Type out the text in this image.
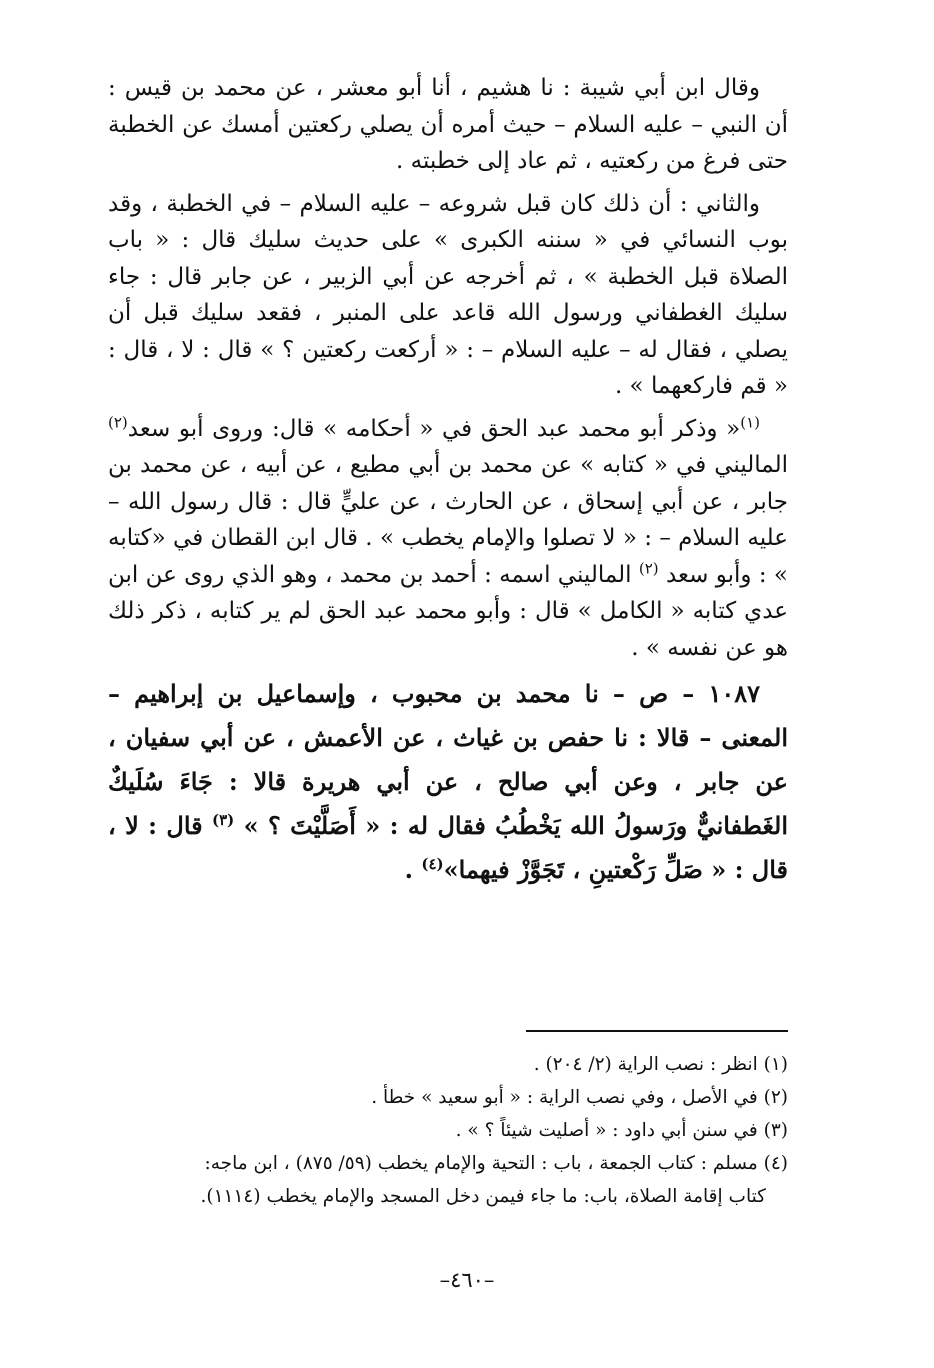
وقال ابن أبي شيبة : نا هشيم ، أنا أبو معشر ، عن محمد بن قيس : أن النبي – عليه السلام – حيث أمره أن يصلي ركعتين أمسك عن الخطبة حتى فرغ من ركعتيه ، ثم عاد إلى خطبته .

والثاني : أن ذلك كان قبل شروعه – عليه السلام – في الخطبة ، وقد بوب النسائي في « سننه الكبرى » على حديث سليك قال : « باب الصلاة قبل الخطبة » ، ثم أخرجه عن أبي الزبير ، عن جابر قال : جاء سليك الغطفاني ورسول الله قاعد على المنبر ، فقعد سليك قبل أن يصلي ، فقال له – عليه السلام – : « أركعت ركعتين ؟ » قال : لا ، قال : « قم فاركعهما » .

$^{(١)}$« وذكر أبو محمد عبد الحق في « أحكامه » قال: وروى أبو سعد$^{(٢)}$ الماليني في « كتابه » عن محمد بن أبي مطيع ، عن أبيه ، عن محمد بن جابر ، عن أبي إسحاق ، عن الحارث ، عن عليٍّ قال : قال رسول الله – عليه السلام – : « لا تصلوا والإمام يخطب » . قال ابن القطان في «كتابه » : وأبو سعد $^{(٢)}$ الماليني اسمه : أحمد بن محمد ، وهو الذي روى عن ابن عدي كتابه « الكامل » قال : وأبو محمد عبد الحق لم ير كتابه ، ذكر ذلك هو عن نفسه » .

١٠٨٧ – ص – نا محمد بن محبوب ، وإسماعيل بن إبراهيم – المعنى – قالا : نا حفص بن غياث ، عن الأعمش ، عن أبي سفيان ، عن جابر ، وعن أبي صالح ، عن أبي هريرة قالا : جَاءَ سُلَيكٌ الغَطفانيٌّ ورَسولُ الله يَخْطُبُ فقال له : « أَصَلَّيْتَ ؟ » $^{(٣)}$ قال : لا ، قال : « صَلِّ رَكْعتينِ ، تَجَوَّزْ فيهما»$^{(٤)}$ .

(١) انظر : نصب الراية (٢/ ٢٠٤) .

(٢) في الأصل ، وفي نصب الراية : « أبو سعيد » خطأ .

(٣) في سنن أبي داود : « أصليت شيئاً ؟ » .

(٤) مسلم : كتاب الجمعة ، باب : التحية والإمام يخطب (٥٩/ ٨٧٥) ، ابن ماجه:

كتاب إقامة الصلاة، باب: ما جاء فيمن دخل المسجد والإمام يخطب (١١١٤).

–٤٦٠–
